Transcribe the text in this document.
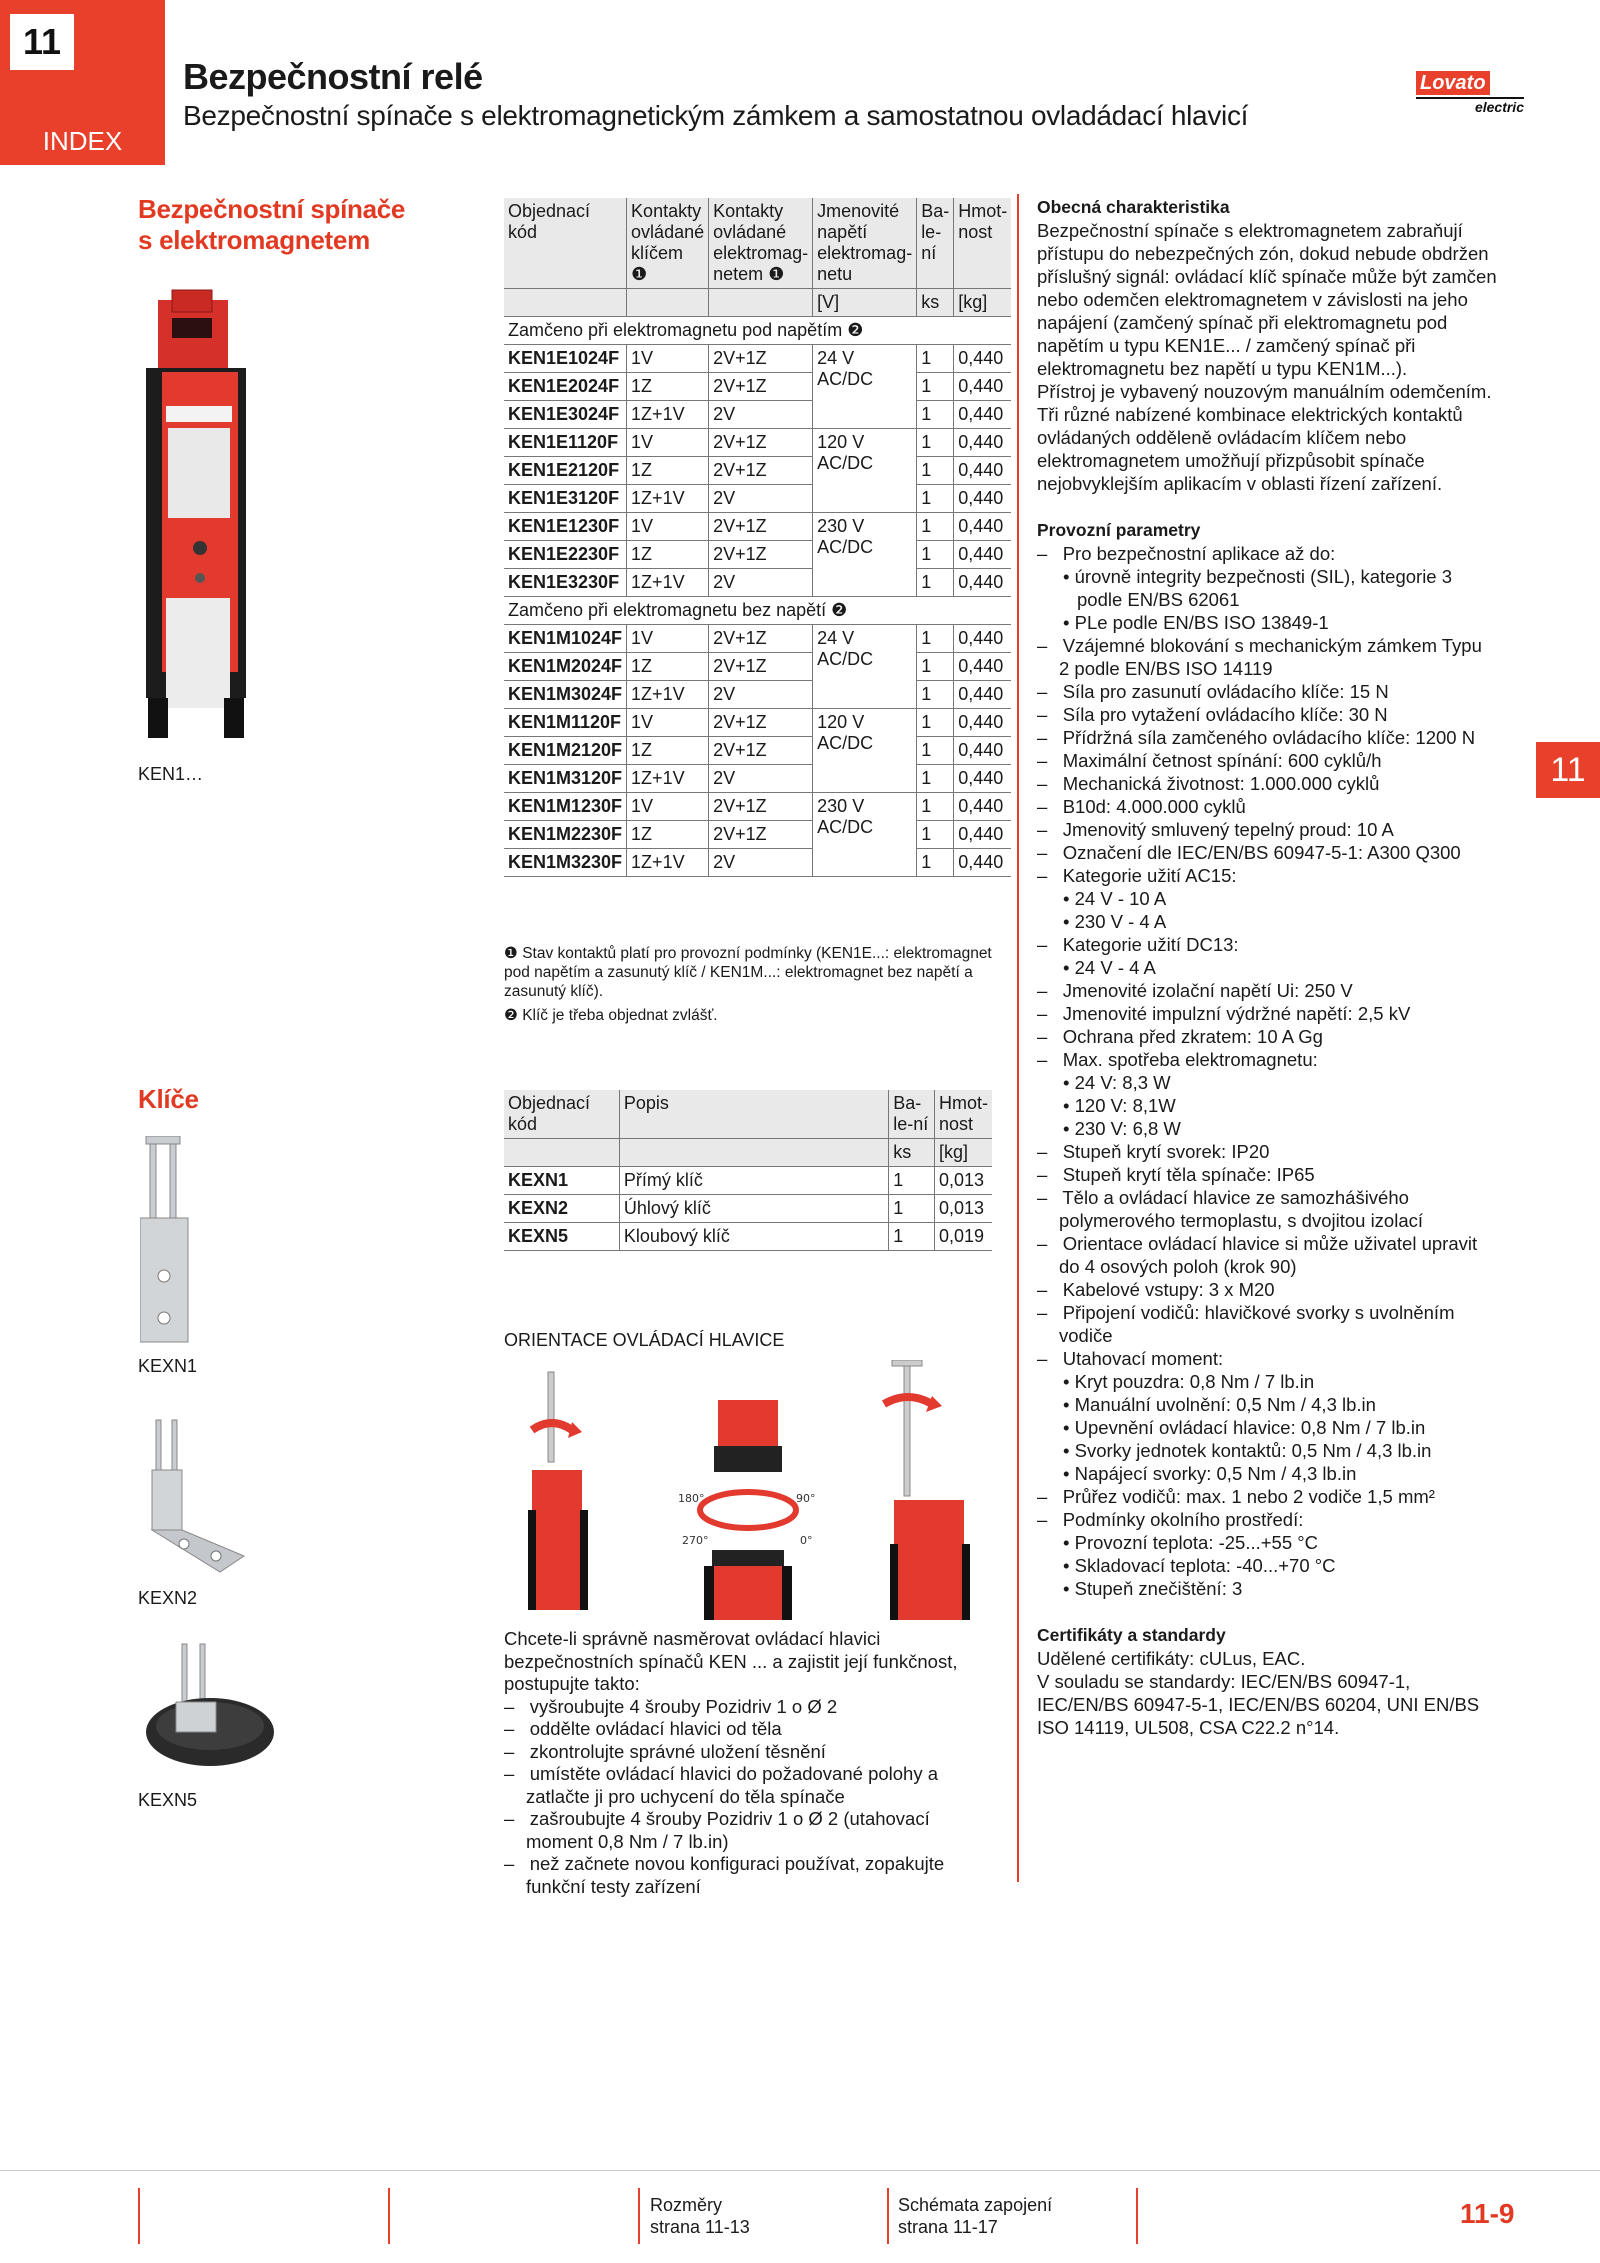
11
INDEX
Bezpečnostní relé
Bezpečnostní spínače s elektromagnetickým zámkem a samostatnou ovladádací hlavicí
Lovato
electric
Bezpečnostní spínače
s elektromagnetem
KEN1…
Klíče
KEXN1
KEXN2
KEXN5
Objednací kód	Kontakty ovládané klíčem ❶	Kontakty ovládané elektromag-netem ❶	Jmenovité napětí elektromag-netu	Ba-le-ní	Hmot-nost
			[V]	ks	[kg]
Zamčeno při elektromagnetu pod napětím ❷					
KEN1E1024F	1V	2V+1Z	24 V AC/DC	1	0,440
KEN1E2024F	1Z	2V+1Z		1	0,440
KEN1E3024F	1Z+1V	2V		1	0,440
KEN1E1120F	1V	2V+1Z	120 V AC/DC	1	0,440
KEN1E2120F	1Z	2V+1Z		1	0,440
KEN1E3120F	1Z+1V	2V		1	0,440
KEN1E1230F	1V	2V+1Z	230 V AC/DC	1	0,440
KEN1E2230F	1Z	2V+1Z		1	0,440
KEN1E3230F	1Z+1V	2V		1	0,440
Zamčeno při elektromagnetu bez napětí ❷					
KEN1M1024F	1V	2V+1Z	24 V AC/DC	1	0,440
KEN1M2024F	1Z	2V+1Z		1	0,440
KEN1M3024F	1Z+1V	2V		1	0,440
KEN1M1120F	1V	2V+1Z	120 V AC/DC	1	0,440
KEN1M2120F	1Z	2V+1Z		1	0,440
KEN1M3120F	1Z+1V	2V		1	0,440
KEN1M1230F	1V	2V+1Z	230 V AC/DC	1	0,440
KEN1M2230F	1Z	2V+1Z		1	0,440
KEN1M3230F	1Z+1V	2V		1	0,440
❶ Stav kontaktů platí pro provozní podmínky (KEN1E...: elektromagnet pod napětím a zasunutý klíč / KEN1M...: elektromagnet bez napětí a zasunutý klíč).
❷ Klíč je třeba objednat zvlášť.
Objednací kód	Popis	Ba-le-ní	Hmot-nost
		ks	[kg]
KEXN1	Přímý klíč	1	0,013
KEXN2	Úhlový klíč	1	0,013
KEXN5	Kloubový klíč	1	0,019
ORIENTACE OVLÁDACÍ HLAVICE
180°	90°
270°	0°
Chcete-li správně nasměrovat ovládací hlavici bezpečnostních spínačů KEN ... a zajistit její funkčnost, postupujte takto:
–   vyšroubujte 4 šrouby Pozidriv 1 o Ø 2
–   oddělte ovládací hlavici od těla
–   zkontrolujte správné uložení těsnění
–   umístěte ovládací hlavici do požadované polohy a zatlačte ji pro uchycení do těla spínače
–   zašroubujte 4 šrouby Pozidriv 1 o Ø 2 (utahovací moment 0,8 Nm / 7 lb.in)
–   než začnete novou konfiguraci používat, zopakujte funkční testy zařízení
Obecná charakteristika
Bezpečnostní spínače s elektromagnetem zabraňují přístupu do nebezpečných zón, dokud nebude obdržen příslušný signál: ovládací klíč spínače může být zamčen nebo odemčen elektromagnetem v závislosti na jeho napájení (zamčený spínač při elektromagnetu pod napětím u typu KEN1E... / zamčený spínač při elektromagnetu bez napětí u typu KEN1M...).
Přístroj je vybavený nouzovým manuálním odemčením.
Tři různé nabízené kombinace elektrických kontaktů ovládaných odděleně ovládacím klíčem nebo elektromagnetem umožňují přizpůsobit spínače nejobvyklejším aplikacím v oblasti řízení zařízení.
Provozní parametry
–   Pro bezpečnostní aplikace až do:
• úrovně integrity bezpečnosti (SIL), kategorie 3 podle EN/BS 62061
• PLe podle EN/BS ISO 13849-1
–   Vzájemné blokování s mechanickým zámkem Typu 2 podle EN/BS ISO 14119
–   Síla pro zasunutí ovládacího klíče: 15 N
–   Síla pro vytažení ovládacího klíče: 30 N
–   Přídržná síla zamčeného ovládacího klíče: 1200 N
–   Maximální četnost spínání: 600 cyklů/h
–   Mechanická životnost: 1.000.000 cyklů
–   B10d: 4.000.000 cyklů
–   Jmenovitý smluvený tepelný proud: 10 A
–   Označení dle IEC/EN/BS 60947-5-1: A300 Q300
–   Kategorie užití AC15:
• 24 V - 10 A
• 230 V - 4 A
–   Kategorie užití DC13:
• 24 V - 4 A
–   Jmenovité izolační napětí Ui: 250 V
–   Jmenovité impulzní výdržné napětí: 2,5 kV
–   Ochrana před zkratem: 10 A Gg
–   Max. spotřeba elektromagnetu:
• 24 V: 8,3 W
• 120 V: 8,1W
• 230 V: 6,8 W
–   Stupeň krytí svorek: IP20
–   Stupeň krytí těla spínače: IP65
–   Tělo a ovládací hlavice ze samozhášivého polymerového termoplastu, s dvojitou izolací
–   Orientace ovládací hlavice si může uživatel upravit do 4 osových poloh (krok 90)
–   Kabelové vstupy: 3 x M20
–   Připojení vodičů: hlavičkové svorky s uvolněním vodiče
–   Utahovací moment:
• Kryt pouzdra: 0,8 Nm / 7 lb.in
• Manuální uvolnění: 0,5 Nm / 4,3 lb.in
• Upevnění ovládací hlavice: 0,8 Nm / 7 lb.in
• Svorky jednotek kontaktů: 0,5 Nm / 4,3 lb.in
• Napájecí svorky: 0,5 Nm / 4,3 lb.in
–   Průřez vodičů: max. 1 nebo 2 vodiče 1,5 mm²
–   Podmínky okolního prostředí:
• Provozní teplota: -25...+55 °C
• Skladovací teplota: -40...+70 °C
• Stupeň znečištění: 3
Certifikáty a standardy
Udělené certifikáty: cULus, EAC.
V souladu se standardy: IEC/EN/BS 60947-1, IEC/EN/BS 60947-5-1, IEC/EN/BS 60204, UNI EN/BS ISO 14119, UL508, CSA C22.2 n°14.
11
Rozměry
strana 11-13
Schémata zapojení
strana 11-17	11-9
